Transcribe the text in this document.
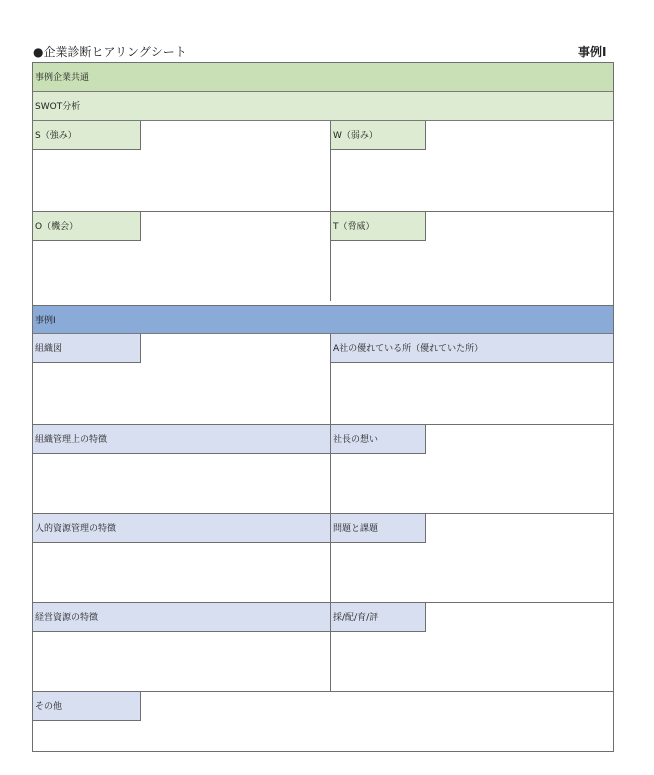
●企業診断ヒアリングシート	事例Ⅰ
事例企業共通
SWOT分析
S（強み）	W（弱み）
O（機会）	T（脅威）
事例Ⅰ
組織図	A社の優れている所（優れていた所）
組織管理上の特徴	社長の想い
人的資源管理の特徴	問題と課題
経営資源の特徴	採/配/育/評
その他
